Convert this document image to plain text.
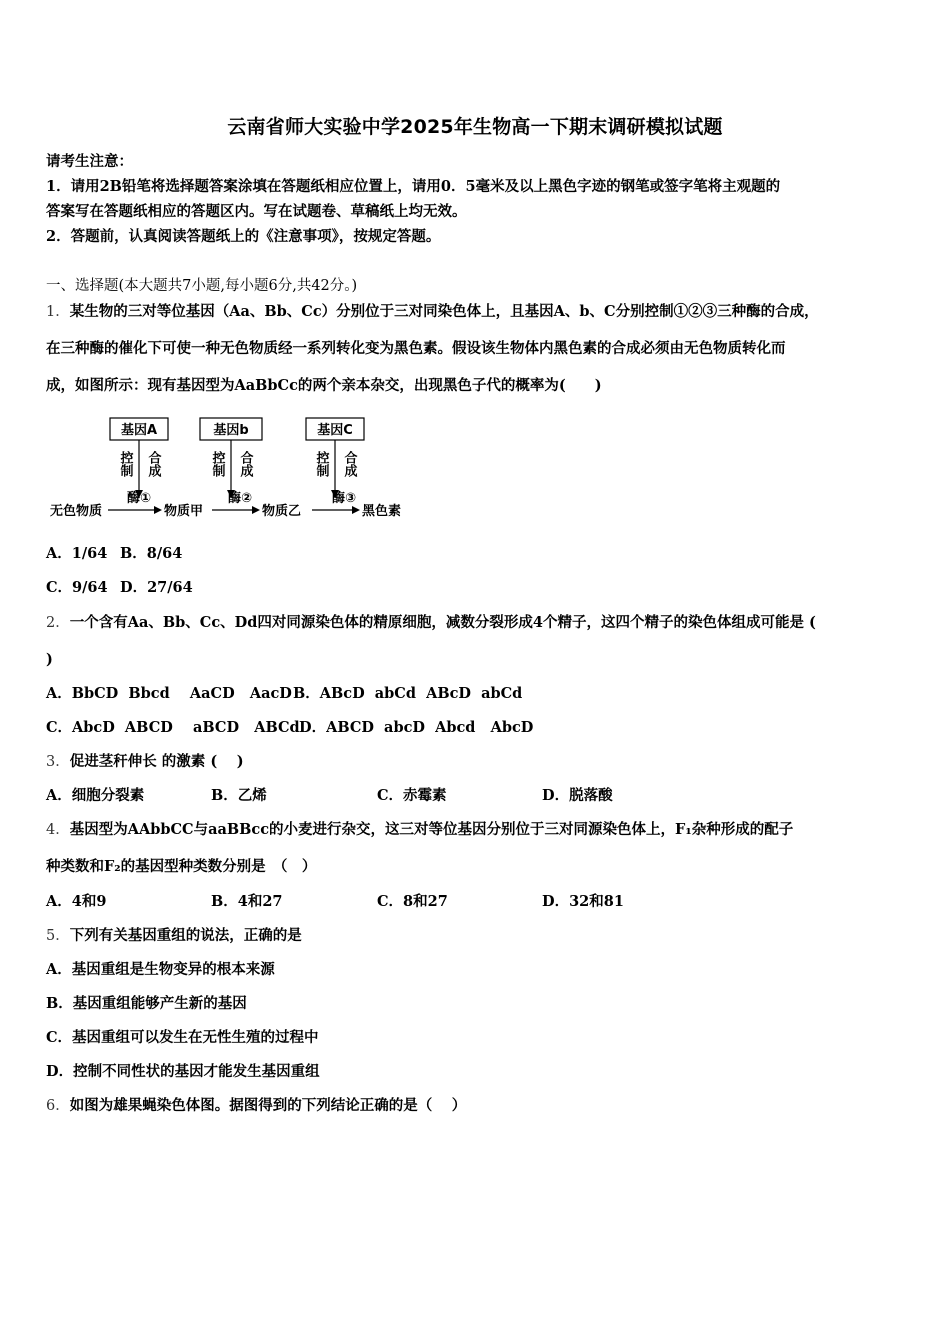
云南省师大实验中学2025年生物高一下期末调研模拟试题
请考生注意：
1．请用2B铅笔将选择题答案涂填在答题纸相应位置上，请用0．5毫米及以上黑色字迹的钢笔或签字笔将主观题的
答案写在答题纸相应的答题区内。写在试题卷、草稿纸上均无效。
2．答题前，认真阅读答题纸上的《注意事项》，按规定答题。
一、选择题(本大题共7小题,每小题6分,共42分。)
1．某生物的三对等位基因（Aa、Bb、Cc）分别位于三对同染色体上，且基因A、b、C分别控制①②③三种酶的合成，
在三种酶的催化下可使一种无色物质经一系列转化变为黑色素。假设该生物体内黑色素的合成必须由无色物质转化而
成，如图所示：现有基因型为AaBbCc的两个亲本杂交，出现黑色子代的概率为(　　)
基因A	基因b	基因C
控制 合成	控制 合成	控制 合成
酶①	酶②	酶③
无色物质	物质甲	物质乙	黑色素
A．1/64 B．8/64
C．9/64 D．27/64
2．一个含有Aa、Bb、Cc、Dd四对同源染色体的精原细胞，减数分裂形成4个精子，这四个精子的染色体组成可能是 (
)
A．BbCD  Bbcd    AaCD   AacD B．ABcD  abCd  ABcD  abCd
C．AbcD  ABCD    aBCD   ABCd D．ABCD  abcD  Abcd   AbcD
3．促进茎秆伸长 的激素 (　 )
A．细胞分裂素	B．乙烯	C．赤霉素	D．脱落酸
4．基因型为AAbbCC与aaBBcc的小麦进行杂交，这三对等位基因分别位于三对同源染色体上，F₁杂种形成的配子
种类数和F₂的基因型种类数分别是　（　）
A．4和9	B．4和27	C．8和27	D．32和81
5．下列有关基因重组的说法，正确的是
A．基因重组是生物变异的根本来源
B．基因重组能够产生新的基因
C．基因重组可以发生在无性生殖的过程中
D．控制不同性状的基因才能发生基因重组
6．如图为雄果蝇染色体图。据图得到的下列结论正确的是（　 ）
